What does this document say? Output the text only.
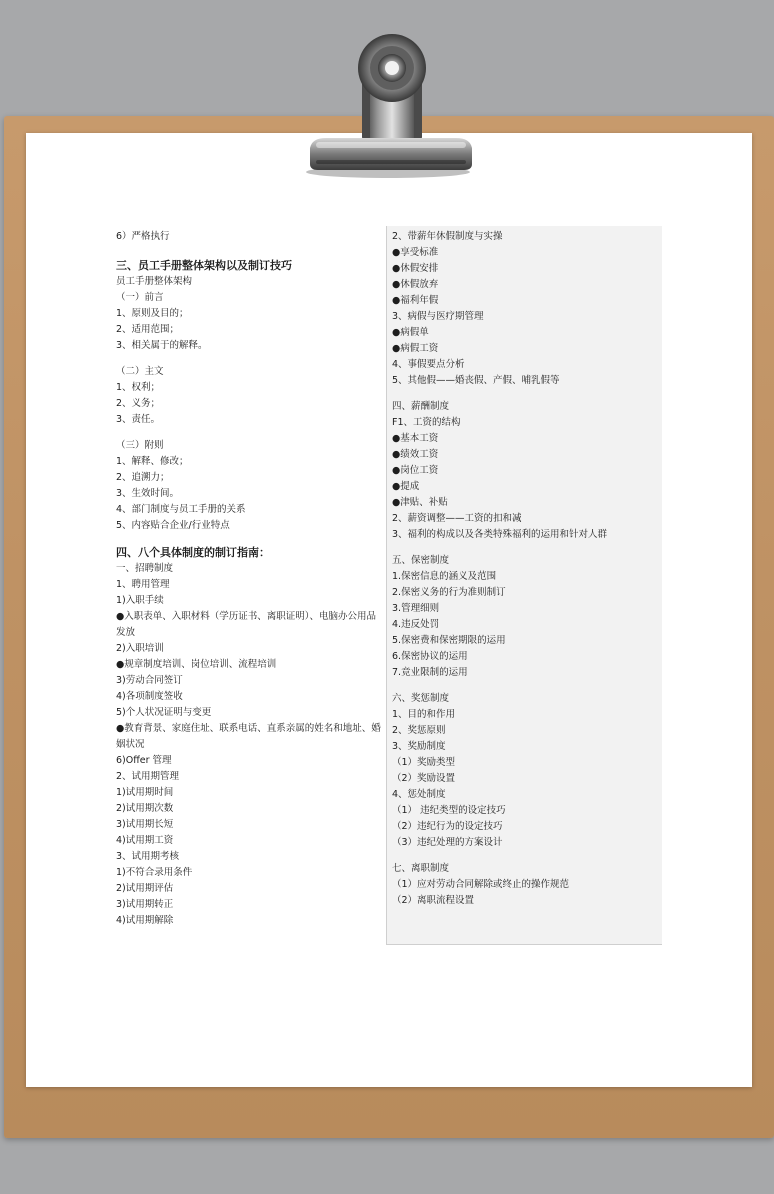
6）严格执行
三、员工手册整体架构以及制订技巧
员工手册整体架构
（一）前言
1、原则及目的；
2、适用范围；
3、相关属于的解释。
（二）主文
1、权利；
2、义务；
3、责任。
（三）附则
1、解释、修改；
2、追溯力；
3、生效时间。
4、部门制度与员工手册的关系
5、内容贴合企业/行业特点
四、八个具体制度的制订指南：
一、招聘制度
1、聘用管理
1)入职手续
●入职表单、入职材料（学历证书、离职证明）、电脑办公用品发放
2)入职培训
●规章制度培训、岗位培训、流程培训
3)劳动合同签订
4)各项制度签收
5)个人状况证明与变更
●教育背景、家庭住址、联系电话、直系亲属的姓名和地址、婚姻状况
6)Offer 管理
2、试用期管理
1)试用期时间
2)试用期次数
3)试用期长短
4)试用期工资
3、试用期考核
1)不符合录用条件
2)试用期评估
3)试用期转正
4)试用期解除
2、带薪年休假制度与实操
●享受标准
●休假安排
●休假放弃
●福利年假
3、病假与医疗期管理
●病假单
●病假工资
4、事假要点分析
5、其他假——婚丧假、产假、哺乳假等
四、薪酬制度
F1、工资的结构
●基本工资
●绩效工资
●岗位工资
●提成
●津贴、补贴
2、薪资调整——工资的扣和减
3、福利的构成以及各类特殊福利的运用和针对人群
五、保密制度
1.保密信息的涵义及范围
2.保密义务的行为准则制订
3.管理细则
4.违反处罚
5.保密费和保密期限的运用
6.保密协议的运用
7.竞业限制的运用
六、奖惩制度
1、目的和作用
2、奖惩原则
3、奖励制度
（1）奖励类型
（2）奖励设置
4、惩处制度
（1） 违纪类型的设定技巧
（2）违纪行为的设定技巧
（3）违纪处理的方案设计
七、离职制度
（1）应对劳动合同解除或终止的操作规范
（2）离职流程设置
